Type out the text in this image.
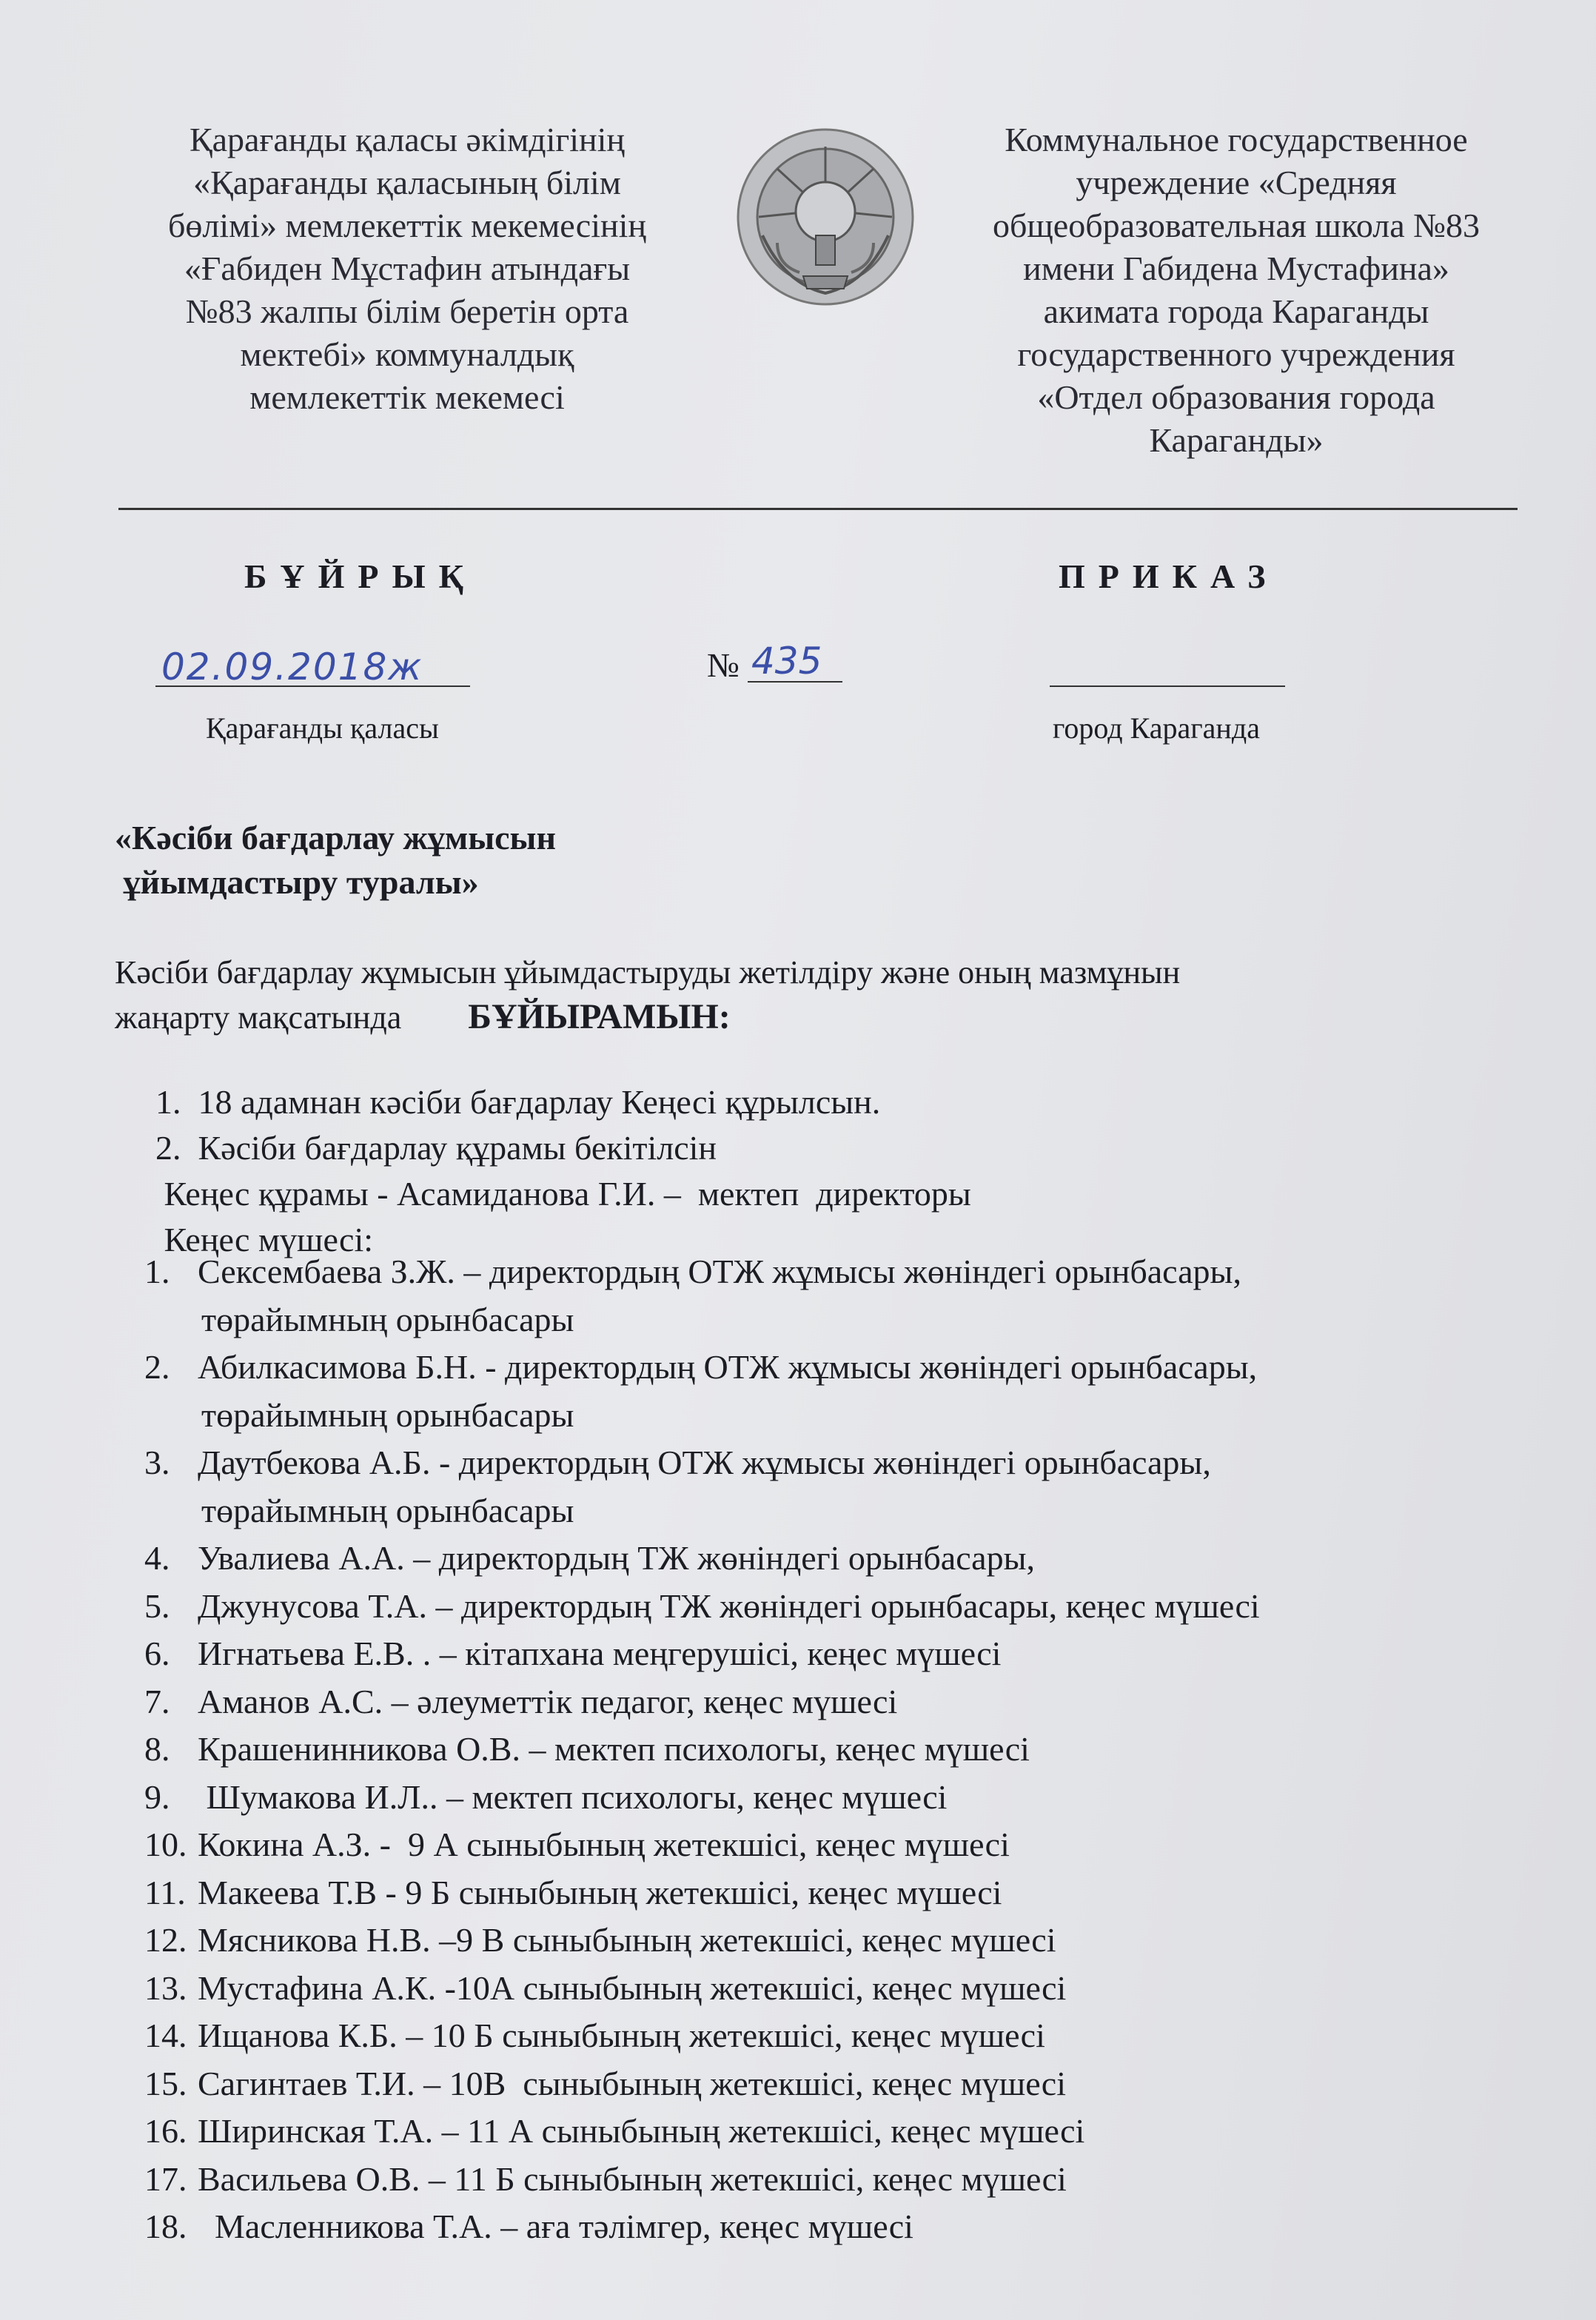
Қарағанды қаласы әкімдігінің
«Қарағанды қаласының білім
бөлімі» мемлекеттік мекемесінің
«Ғабиден Мұстафин атындағы
№83 жалпы білім беретін орта
мектебі» коммуналдық
мемлекеттік мекемесі
Коммунальное государственное
учреждение «Средняя
общеобразовательная школа №83
имени Габидена Мустафина»
акимата города Караганды
государственного учреждения
«Отдел образования города
Караганды»
БҰЙРЫҚ	ПРИКАЗ
02.09.2018ж	№ 435
Қарағанды қаласы	город Караганда
«Кәсіби бағдарлау жұмысын
ұйымдастыру туралы»
Кәсіби бағдарлау жұмысын ұйымдастыруды жетілдіру және оның мазмұнын
жаңарту мақсатында БҰЙЫРАМЫН:
1.  18 адамнан кәсіби бағдарлау Кеңесі құрылсын.
2.  Кәсіби бағдарлау құрамы бекітілсін
Кеңес құрамы - Асамиданова Г.И. –  мектеп  директоры
Кеңес мүшесі:
1. Сексембаева З.Ж. – директордың ОТЖ жұмысы жөніндегі орынбасары,
төрайымның орынбасары
2. Абилкасимова Б.Н. - директордың ОТЖ жұмысы жөніндегі орынбасары,
төрайымның орынбасары
3. Даутбекова А.Б. - директордың ОТЖ жұмысы жөніндегі орынбасары,
төрайымның орынбасары
4. Увалиева А.А. – директордың ТЖ жөніндегі орынбасары,
5. Джунусова Т.А. – директордың ТЖ жөніндегі орынбасары, кеңес мүшесі
6. Игнатьева Е.В. . – кітапхана меңгерушісі, кеңес мүшесі
7. Аманов А.С. – әлеуметтік педагог, кеңес мүшесі
8. Крашенинникова О.В. – мектеп психологы, кеңес мүшесі
9. Шумакова И.Л.. – мектеп психологы, кеңес мүшесі
10. Кокина А.З. -  9 А сыныбының жетекшісі, кеңес мүшесі
11. Макеева Т.В - 9 Б сыныбының жетекшісі, кеңес мүшесі
12. Мясникова Н.В. –9 В сыныбының жетекшісі, кеңес мүшесі
13. Мустафина А.К. -10А сыныбының жетекшісі, кеңес мүшесі
14. Ищанова К.Б. – 10 Б сыныбының жетекшісі, кеңес мүшесі
15. Сагинтаев Т.И. – 10В  сыныбының жетекшісі, кеңес мүшесі
16. Ширинская Т.А. – 11 А сыныбының жетекшісі, кеңес мүшесі
17. Васильева О.В. – 11 Б сыныбының жетекшісі, кеңес мүшесі
18.  Масленникова Т.А. – аға тәлімгер, кеңес мүшесі
